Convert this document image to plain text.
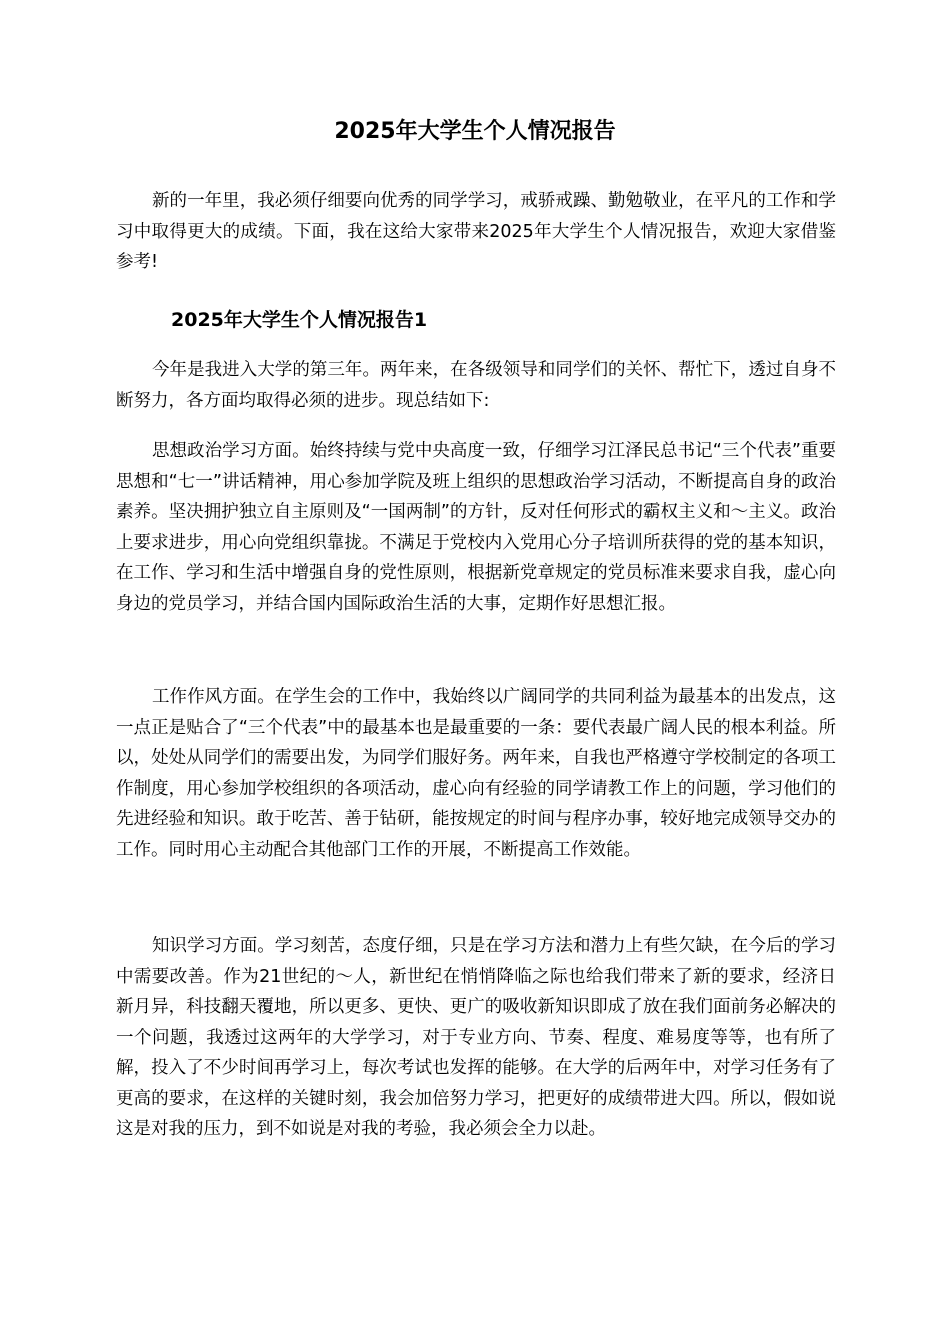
2025年大学生个人情况报告

新的一年里，我必须仔细要向优秀的同学学习，戒骄戒躁、勤勉敬业，在平凡的工作和学习中取得更大的成绩。下面，我在这给大家带来2025年大学生个人情况报告，欢迎大家借鉴参考!

2025年大学生个人情况报告1

今年是我进入大学的第三年。两年来，在各级领导和同学们的关怀、帮忙下，透过自身不断努力，各方面均取得必须的进步。现总结如下:

思想政治学习方面。始终持续与党中央高度一致，仔细学习江泽民总书记“三个代表”重要思想和“七一”讲话精神，用心参加学院及班上组织的思想政治学习活动，不断提高自身的政治素养。坚决拥护独立自主原则及“一国两制”的方针，反对任何形式的霸权主义和～主义。政治上要求进步，用心向党组织靠拢。不满足于党校内入党用心分子培训所获得的党的基本知识，在工作、学习和生活中增强自身的党性原则，根据新党章规定的党员标准来要求自我，虚心向身边的党员学习，并结合国内国际政治生活的大事，定期作好思想汇报。

工作作风方面。在学生会的工作中，我始终以广阔同学的共同利益为最基本的出发点，这一点正是贴合了“三个代表”中的最基本也是最重要的一条：要代表最广阔人民的根本利益。所以，处处从同学们的需要出发，为同学们服好务。两年来，自我也严格遵守学校制定的各项工作制度，用心参加学校组织的各项活动，虚心向有经验的同学请教工作上的问题，学习他们的先进经验和知识。敢于吃苦、善于钻研，能按规定的时间与程序办事，较好地完成领导交办的工作。同时用心主动配合其他部门工作的开展，不断提高工作效能。

知识学习方面。学习刻苦，态度仔细，只是在学习方法和潜力上有些欠缺，在今后的学习中需要改善。作为21世纪的～人，新世纪在悄悄降临之际也给我们带来了新的要求，经济日新月异，科技翻天覆地，所以更多、更快、更广的吸收新知识即成了放在我们面前务必解决的一个问题，我透过这两年的大学学习，对于专业方向、节奏、程度、难易度等等，也有所了解，投入了不少时间再学习上，每次考试也发挥的能够。在大学的后两年中，对学习任务有了更高的要求，在这样的关键时刻，我会加倍努力学习，把更好的成绩带进大四。所以，假如说这是对我的压力，到不如说是对我的考验，我必须会全力以赴。
